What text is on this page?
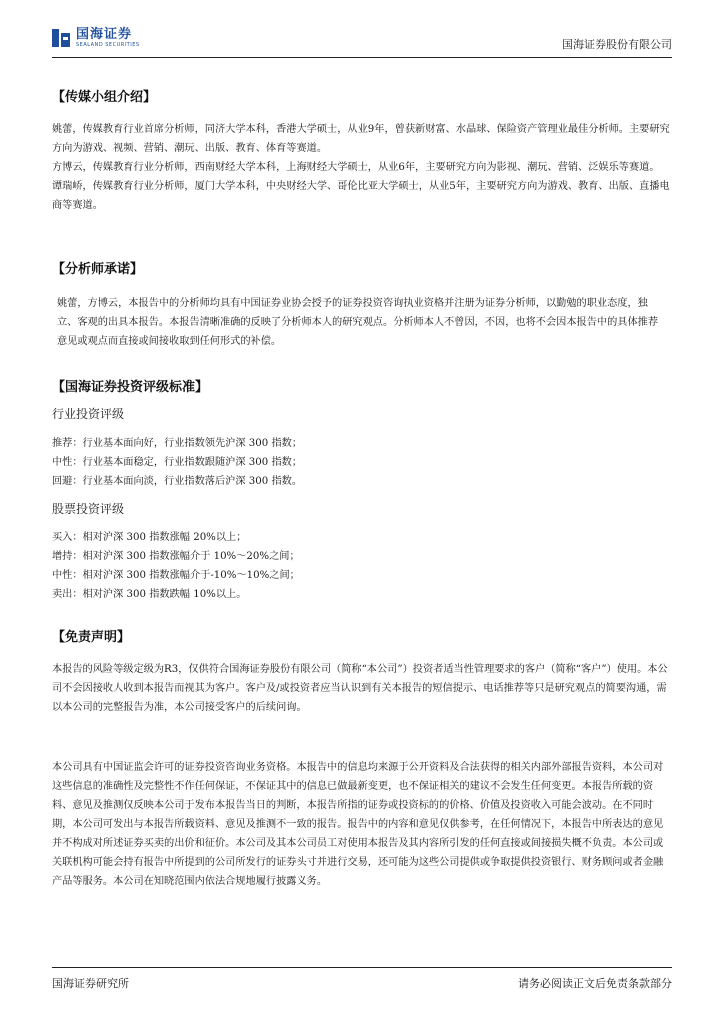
国海证券
SEALAND SECURITIES	国海证券股份有限公司
【传媒小组介绍】

姚蕾，传媒教育行业首席分析师，同济大学本科，香港大学硕士，从业9年，曾获新财富、水晶球、保险资产管理业最佳分析师。主要研究方向为游戏、视频、营销、潮玩、出版、教育、体育等赛道。

方博云，传媒教育行业分析师，西南财经大学本科，上海财经大学硕士，从业6年，主要研究方向为影视、潮玩、营销、泛娱乐等赛道。

谭瑞峤，传媒教育行业分析师，厦门大学本科，中央财经大学、哥伦比亚大学硕士，从业5年，主要研究方向为游戏、教育、出版、直播电商等赛道。

【分析师承诺】
姚蕾，方博云，本报告中的分析师均具有中国证券业协会授予的证券投资咨询执业资格并注册为证券分析师，以勤勉的职业态度，独立、客观的出具本报告。本报告清晰准确的反映了分析师本人的研究观点。分析师本人不曾因，不因，也将不会因本报告中的具体推荐意见或观点而直接或间接收取到任何形式的补偿。
【国海证券投资评级标准】
行业投资评级
推荐：行业基本面向好，行业指数领先沪深 300 指数；
中性：行业基本面稳定，行业指数跟随沪深 300 指数；
回避：行业基本面向淡，行业指数落后沪深 300 指数。
股票投资评级
买入：相对沪深 300 指数涨幅 20%以上；
增持：相对沪深 300 指数涨幅介于 10%～20%之间；
中性：相对沪深 300 指数涨幅介于-10%～10%之间；
卖出：相对沪深 300 指数跌幅 10%以上。
【免责声明】
本报告的风险等级定级为R3，仅供符合国海证券股份有限公司（简称“本公司”）投资者适当性管理要求的客户（简称“客户”）使用。本公司不会因接收人收到本报告而视其为客户。客户及/或投资者应当认识到有关本报告的短信提示、电话推荐等只是研究观点的简要沟通，需以本公司的完整报告为准，本公司接受客户的后续问询。
本公司具有中国证监会许可的证券投资咨询业务资格。本报告中的信息均来源于公开资料及合法获得的相关内部外部报告资料，本公司对这些信息的准确性及完整性不作任何保证，不保证其中的信息已做最新变更，也不保证相关的建议不会发生任何变更。本报告所载的资料、意见及推测仅反映本公司于发布本报告当日的判断，本报告所指的证券或投资标的的价格、价值及投资收入可能会波动。在不同时期，本公司可发出与本报告所载资料、意见及推测不一致的报告。报告中的内容和意见仅供参考，在任何情况下，本报告中所表达的意见并不构成对所述证券买卖的出价和征价。本公司及其本公司员工对使用本报告及其内容所引发的任何直接或间接损失概不负责。本公司或关联机构可能会持有报告中所提到的公司所发行的证券头寸并进行交易，还可能为这些公司提供或争取提供投资银行、财务顾问或者金融产品等服务。本公司在知晓范围内依法合规地履行披露义务。
国海证券研究所	请务必阅读正文后免责条款部分
